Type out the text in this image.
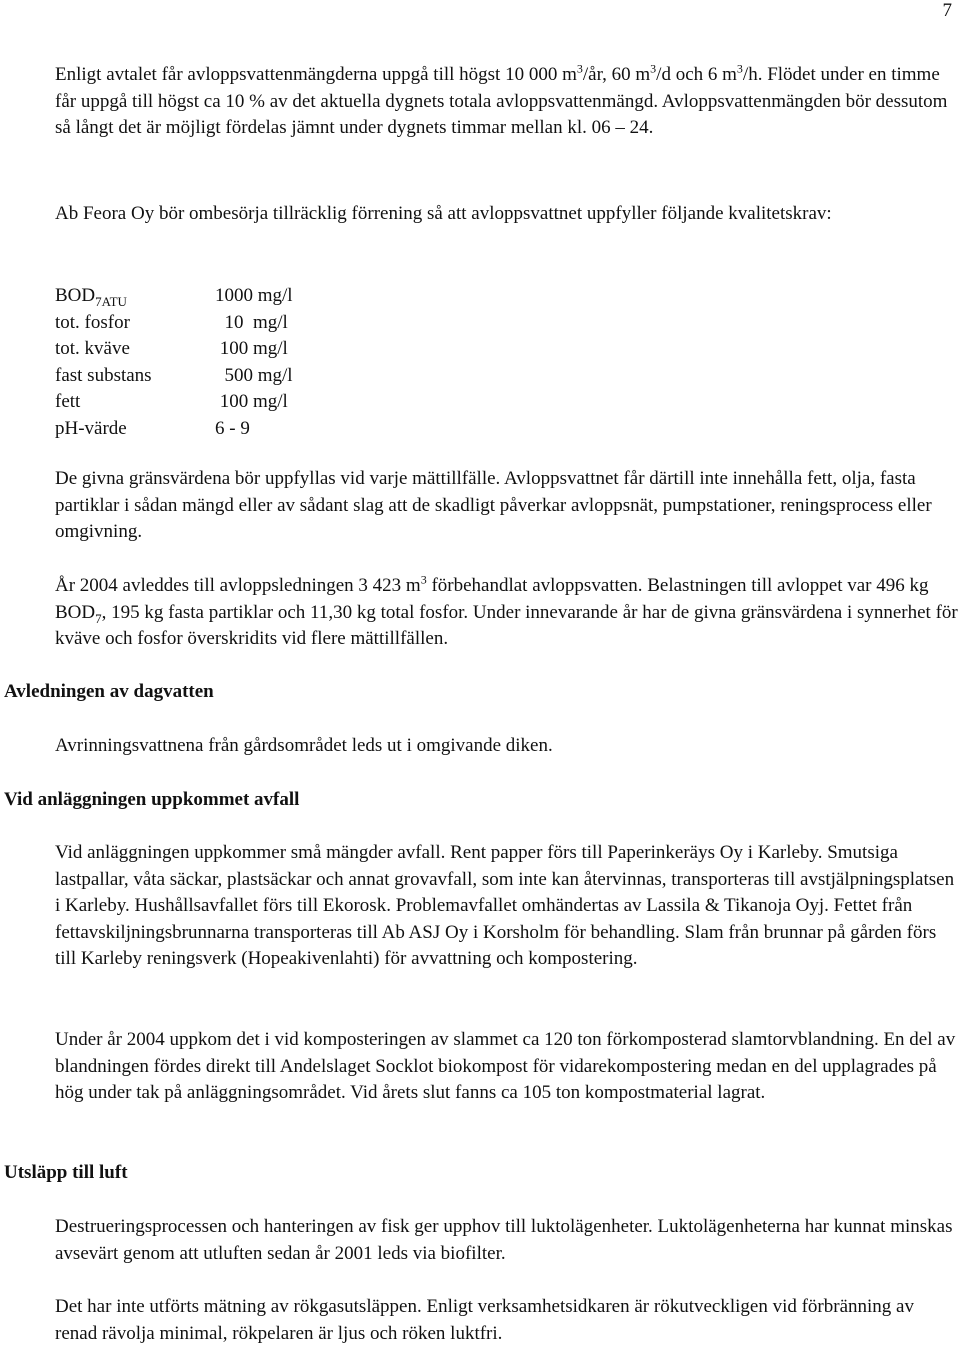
7

Enligt avtalet får avloppsvattenmängderna uppgå till högst 10 000 $m^3/år$, 60 $m^3/d$ och 6 $m^3/h$. Flödet under en timme får uppgå till högst ca 10 % av det aktuella dygnets totala avloppsvattenmängd. Avloppsvattenmängden bör dessutom så långt det är möjligt fördelas jämnt under dygnets timmar mellan kl. 06 – 24.

Ab Feora Oy bör ombesörja tillräcklig förrening så att avloppsvattnet uppfyller följande kvalitetskrav:

$BOD_{7ATU}$	1000 mg/l
tot. fosfor	10  mg/l
tot. kväve	100 mg/l
fast substans	500 mg/l
fett	100 mg/l
pH-värde	6 - 9

De givna gränsvärdena bör uppfyllas vid varje mättillfälle. Avloppsvattnet får därtill inte innehålla fett, olja, fasta partiklar i sådan mängd eller av sådant slag att de skadligt påverkar avloppsnät, pumpstationer, reningsprocess eller omgivning.

År 2004 avleddes till avloppsledningen 3 423 $m^3$ förbehandlat avloppsvatten. Belastningen till avloppet var 496 kg $BOD_7$, 195 kg fasta partiklar och 11,30 kg total fosfor. Under innevarande år har de givna gränsvärdena i synnerhet för kväve och fosfor överskridits vid flere mättillfällen.

Avledningen av dagvatten

Avrinningsvattnena från gårdsområdet leds ut i omgivande diken.

Vid anläggningen uppkommet avfall

Vid anläggningen uppkommer små mängder avfall. Rent papper förs till Paperinkeräys Oy i Karleby. Smutsiga lastpallar, våta säckar, plastsäckar och annat grovavfall, som inte kan återvinnas, transporteras till avstjälpningsplatsen i Karleby. Hushållsavfallet förs till Ekorosk. Problemavfallet omhändertas av Lassila & Tikanoja Oyj. Fettet från fettavskiljningsbrunnarna transporteras till Ab ASJ Oy i Korsholm för behandling. Slam från brunnar på gården förs till Karleby reningsverk (Hopeakivenlahti) för avvattning och kompostering.

Under år 2004 uppkom det i vid komposteringen av slammet ca 120 ton förkomposterad slamtorvblandning. En del av blandningen fördes direkt till Andelslaget Socklot biokompost för vidarekompostering medan en del upplagrades på hög under tak på anläggningsområdet. Vid årets slut fanns ca 105 ton kompostmaterial lagrat.

Utsläpp till luft

Destrueringsprocessen och hanteringen av fisk ger upphov till luktolägenheter. Luktolägenheterna har kunnat minskas avsevärt genom att utluften sedan år 2001 leds via biofilter.

Det har inte utförts mätning av rökgasutsläppen. Enligt verksamhetsidkaren är rökutveckligen vid förbränning av renad rävolja minimal, rökpelaren är ljus och röken luktfri.
